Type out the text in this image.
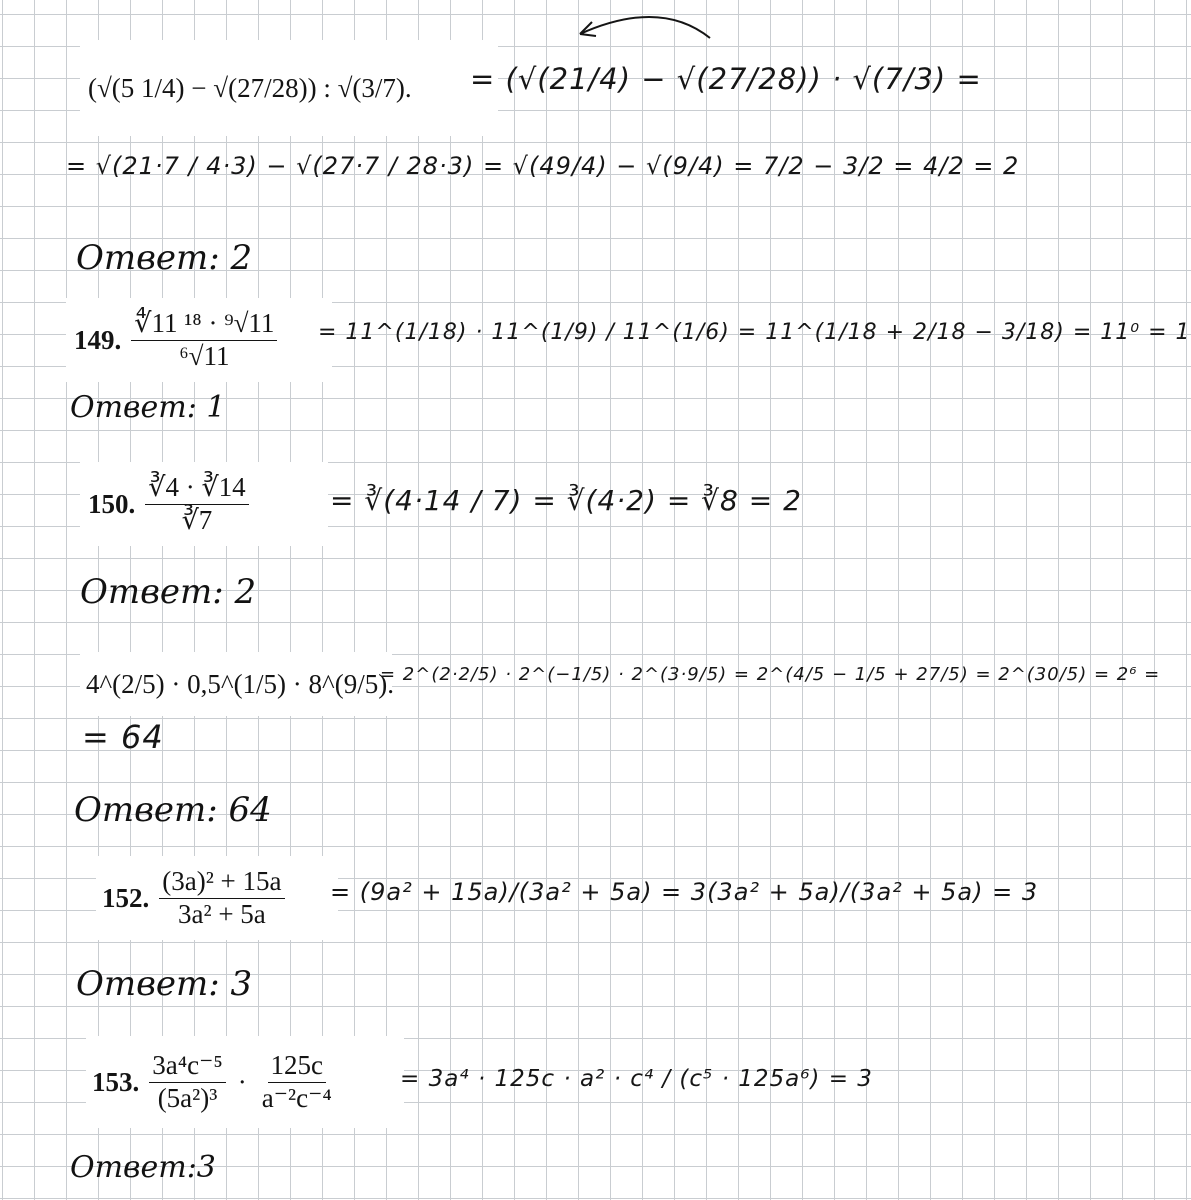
(√(5 1/4) − √(27/28)) : √(3/7). = (√(21/4) − √(27/28)) · √(7/3) =
= √(21·7 / 4·3) − √(27·7 / 28·3) = √(49/4) − √(9/4) = 7/2 − 3/2 = 4/2 = 2
Ответ: 2
149. $\frac{\text{∜11 ¹⁸ · ⁹√11}}{\text{⁶√11}}$ = 11^(1/18) · 11^(1/9) / 11^(1/6) = 11^(1/18 + 2/18 − 3/18) = 11⁰ = 1
Ответ: 1
150. $\frac{∛4 \cdot ∛14}{∛7}$	= ∛(4·14 / 7) = ∛(4·2) = ∛8 = 2
Ответ: 2
4^(2/5) · 0,5^(1/5) · 8^(9/5).
= 2^(2·2/5) · 2^(−1/5) · 2^(3·9/5) = 2^(4/5 − 1/5 + 27/5) = 2^(30/5) = 2⁶ =
= 64
Ответ: 64
152. $\frac{\text{(3a)² + 15a}}{\text{3a² + 5a}} = (9a^2 + 15a)/(3a^2 + 5a) = 3(3a^2 + 5a)/(3a^2 + 5a) = 3$
Ответ: 3
153. $\frac{\text{3a⁴c⁻⁵}}{\text{(5a²)³}} \cdot \frac{125c}{\text{a⁻²c⁻⁴}}$	= 3a⁴ · 125c · a² · c⁴ / (c⁵ · 125a⁶) = 3
Ответ:3
